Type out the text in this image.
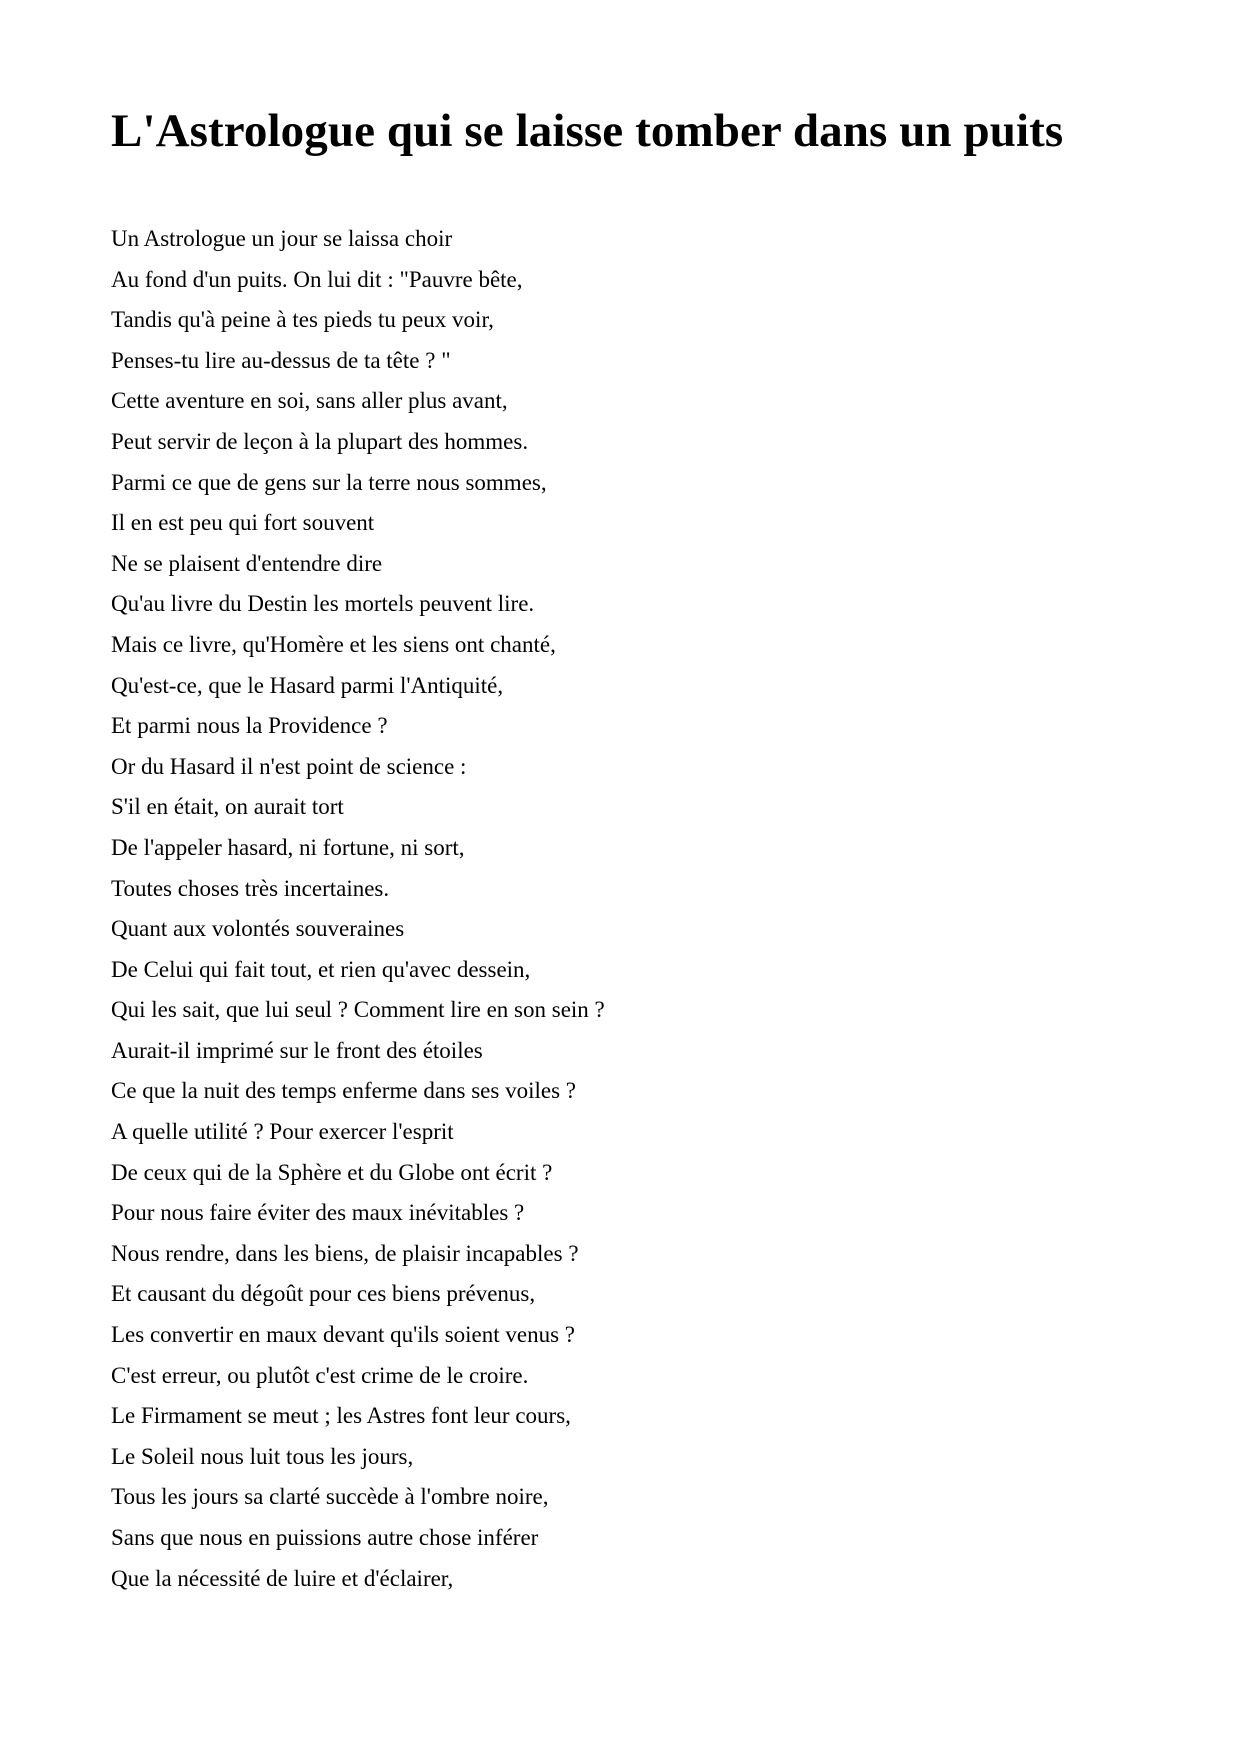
L'Astrologue qui se laisse tomber dans un puits
Un Astrologue un jour se laissa choir
Au fond d'un puits. On lui dit : "Pauvre bête,
Tandis qu'à peine à tes pieds tu peux voir,
Penses-tu lire au-dessus de ta tête ? "
Cette aventure en soi, sans aller plus avant,
Peut servir de leçon à la plupart des hommes.
Parmi ce que de gens sur la terre nous sommes,
Il en est peu qui fort souvent
Ne se plaisent d'entendre dire
Qu'au livre du Destin les mortels peuvent lire.
Mais ce livre, qu'Homère et les siens ont chanté,
Qu'est-ce, que le Hasard parmi l'Antiquité,
Et parmi nous la Providence ?
Or du Hasard il n'est point de science :
S'il en était, on aurait tort
De l'appeler hasard, ni fortune, ni sort,
Toutes choses très incertaines.
Quant aux volontés souveraines
De Celui qui fait tout, et rien qu'avec dessein,
Qui les sait, que lui seul ? Comment lire en son sein ?
Aurait-il imprimé sur le front des étoiles
Ce que la nuit des temps enferme dans ses voiles ?
A quelle utilité ? Pour exercer l'esprit
De ceux qui de la Sphère et du Globe ont écrit ?
Pour nous faire éviter des maux inévitables ?
Nous rendre, dans les biens, de plaisir incapables ?
Et causant du dégoût pour ces biens prévenus,
Les convertir en maux devant qu'ils soient venus ?
C'est erreur, ou plutôt c'est crime de le croire.
Le Firmament se meut ; les Astres font leur cours,
Le Soleil nous luit tous les jours,
Tous les jours sa clarté succède à l'ombre noire,
Sans que nous en puissions autre chose inférer
Que la nécessité de luire et d'éclairer,
